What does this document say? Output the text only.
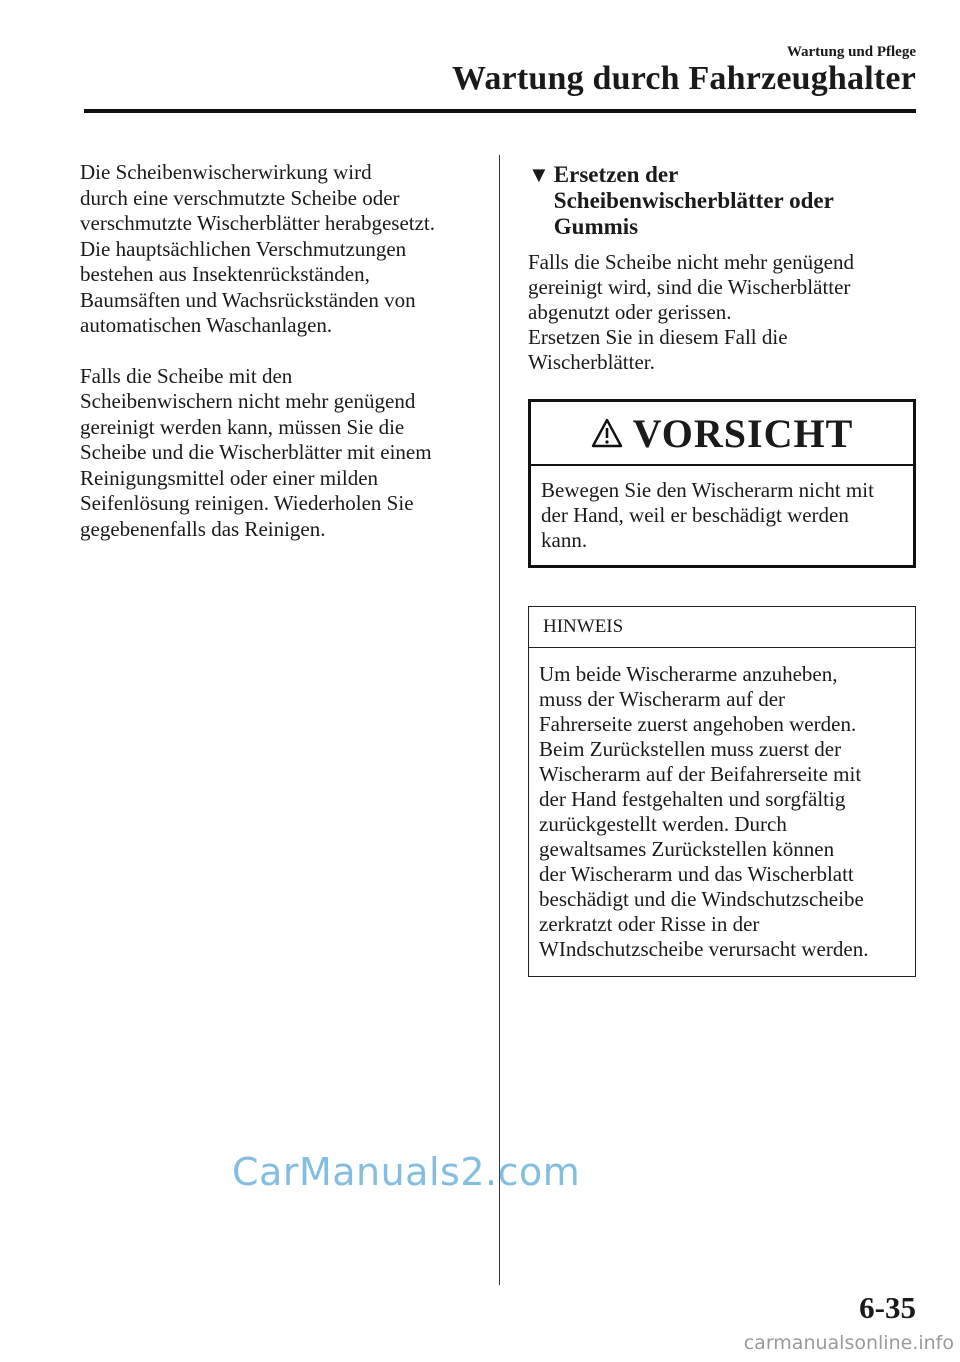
Wartung und Pflege
Wartung durch Fahrzeughalter

Die Scheibenwischerwirkung wird
durch eine verschmutzte Scheibe oder
verschmutzte Wischerblätter herabgesetzt.
Die hauptsächlichen Verschmutzungen
bestehen aus Insektenrückständen,
Baumsäften und Wachsrückständen von
automatischen Waschanlagen.

Falls die Scheibe mit den
Scheibenwischern nicht mehr genügend
gereinigt werden kann, müssen Sie die
Scheibe und die Wischerblätter mit einem
Reinigungsmittel oder einer milden
Seifenlösung reinigen. Wiederholen Sie
gegebenenfalls das Reinigen.

▼ Ersetzen der
Scheibenwischerblätter oder
Gummis
Falls die Scheibe nicht mehr genügend
gereinigt wird, sind die Wischerblätter
abgenutzt oder gerissen.
Ersetzen Sie in diesem Fall die
Wischerblätter.
VORSICHT
Bewegen Sie den Wischerarm nicht mit
der Hand, weil er beschädigt werden
kann.
HINWEIS
Um beide Wischerarme anzuheben,
muss der Wischerarm auf der
Fahrerseite zuerst angehoben werden.
Beim Zurückstellen muss zuerst der
Wischerarm auf der Beifahrerseite mit
der Hand festgehalten und sorgfältig
zurückgestellt werden. Durch
gewaltsames Zurückstellen können
der Wischerarm und das Wischerblatt
beschädigt und die Windschutzscheibe
zerkratzt oder Risse in der
WIndschutzscheibe verursacht werden.
CarManuals2.com
6-35
carmanualsonline.info
